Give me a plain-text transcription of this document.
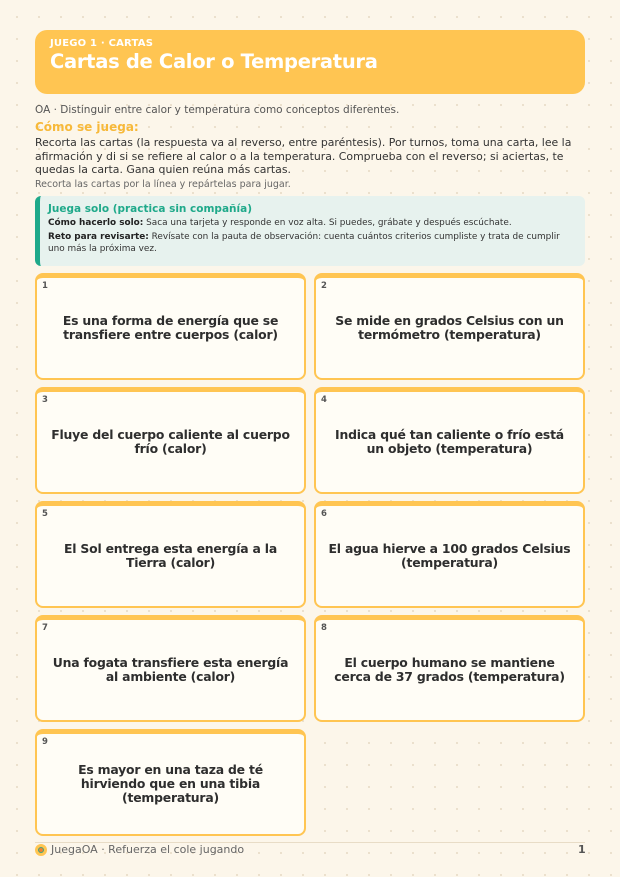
JUEGO 1 · CARTAS
Cartas de Calor o Temperatura
OA · Distinguir entre calor y temperatura como conceptos diferentes.
Cómo se juega:
Recorta las cartas (la respuesta va al reverso, entre paréntesis). Por turnos, toma una carta, lee la afirmación y di si se refiere al calor o a la temperatura. Comprueba con el reverso; si aciertas, te quedas la carta. Gana quien reúna más cartas.
Recorta las cartas por la línea y repártelas para jugar.
Juega solo (practica sin compañía)
Cómo hacerlo solo: Saca una tarjeta y responde en voz alta. Si puedes, grábate y después escúchate.
Reto para revisarte: Revísate con la pauta de observación: cuenta cuántos criterios cumpliste y trata de cumplir uno más la próxima vez.
1
Es una forma de energía que se transfiere entre cuerpos (calor)
2
Se mide en grados Celsius con un termómetro (temperatura)
3
Fluye del cuerpo caliente al cuerpo frío (calor)
4
Indica qué tan caliente o frío está un objeto (temperatura)
5
El Sol entrega esta energía a la Tierra (calor)
6
El agua hierve a 100 grados Celsius (temperatura)
7
Una fogata transfiere esta energía al ambiente (calor)
8
El cuerpo humano se mantiene cerca de 37 grados (temperatura)
9
Es mayor en una taza de té hirviendo que en una tibia (temperatura)
JuegaOA · Refuerza el cole jugando	1
